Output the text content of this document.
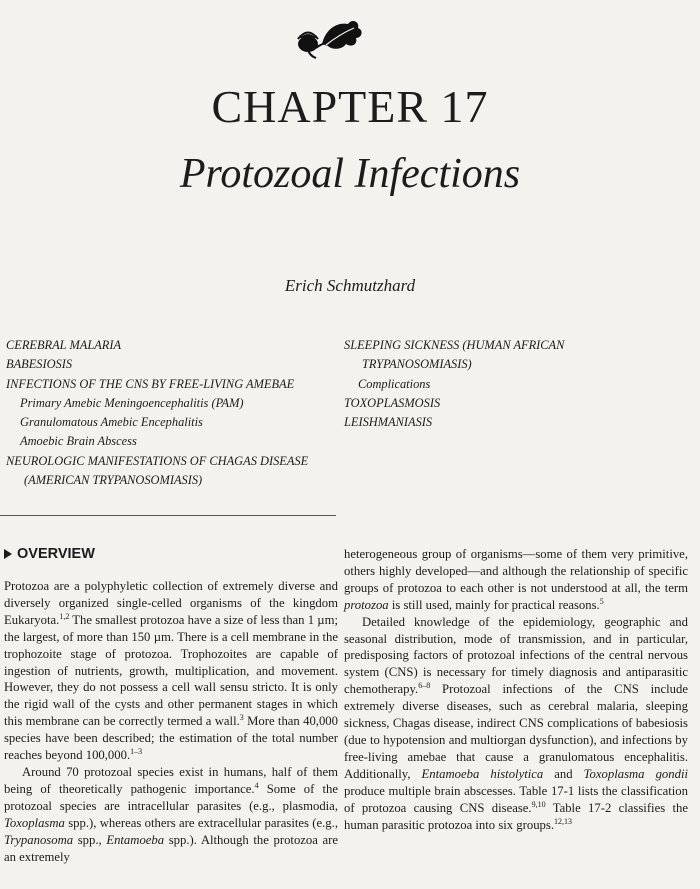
CHAPTER 17
Protozoal Infections
Erich Schmutzhard
CEREBRAL MALARIA
BABESIOSIS
INFECTIONS OF THE CNS BY FREE-LIVING AMEBAE
Primary Amebic Meningoencephalitis (PAM)
Granulomatous Amebic Encephalitis
Amoebic Brain Abscess
NEUROLOGIC MANIFESTATIONS OF CHAGAS DISEASE
(AMERICAN TRYPANOSOMIASIS)
SLEEPING SICKNESS (HUMAN AFRICAN
TRYPANOSOMIASIS)
Complications
TOXOPLASMOSIS
LEISHMANIASIS
OVERVIEW

Protozoa are a polyphyletic collection of extremely diverse and diversely organized single-celled organisms of the kingdom Eukaryota.$^{1,2}$ The smallest protozoa have a size of less than 1 µm; the largest, of more than 150 µm. There is a cell membrane in the trophozoite stage of protozoa. Trophozoites are capable of ingestion of nutrients, growth, multiplication, and movement. However, they do not possess a cell wall sensu stricto. It is only the rigid wall of the cysts and other permanent stages in which this membrane can be correctly termed a wall.$^3$ More than 40,000 species have been described; the estimation of the total number reaches beyond 100,000.$^{1-3}$

Around 70 protozoal species exist in humans, half of them being of theoretically pathogenic importance.$^4$ Some of the protozoal species are intracellular parasites (e.g., plasmodia, Toxoplasma spp.), whereas others are extracellular parasites (e.g., Trypanosoma spp., Entamoeba spp.). Although the protozoa are an extremely

heterogeneous group of organisms—some of them very primitive, others highly developed—and although the relationship of specific groups of protozoa to each other is not understood at all, the term protozoa is still used, mainly for practical reasons.$^5$

Detailed knowledge of the epidemiology, geographic and seasonal distribution, mode of transmission, and in particular, predisposing factors of protozoal infections of the central nervous system (CNS) is necessary for timely diagnosis and antiparasitic chemotherapy.$^{6-8}$ Protozoal infections of the CNS include extremely diverse diseases, such as cerebral malaria, sleeping sickness, Chagas disease, indirect CNS complications of babesiosis (due to hypotension and multiorgan dysfunction), and infections by free-living amebae that cause a granulomatous encephalitis. Additionally, Entamoeba histolytica and Toxoplasma gondii produce multiple brain abscesses. Table 17-1 lists the classification of protozoa causing CNS disease.$^{9,10}$ Table 17-2 classifies the human parasitic protozoa into six groups.$^{12,13}$
